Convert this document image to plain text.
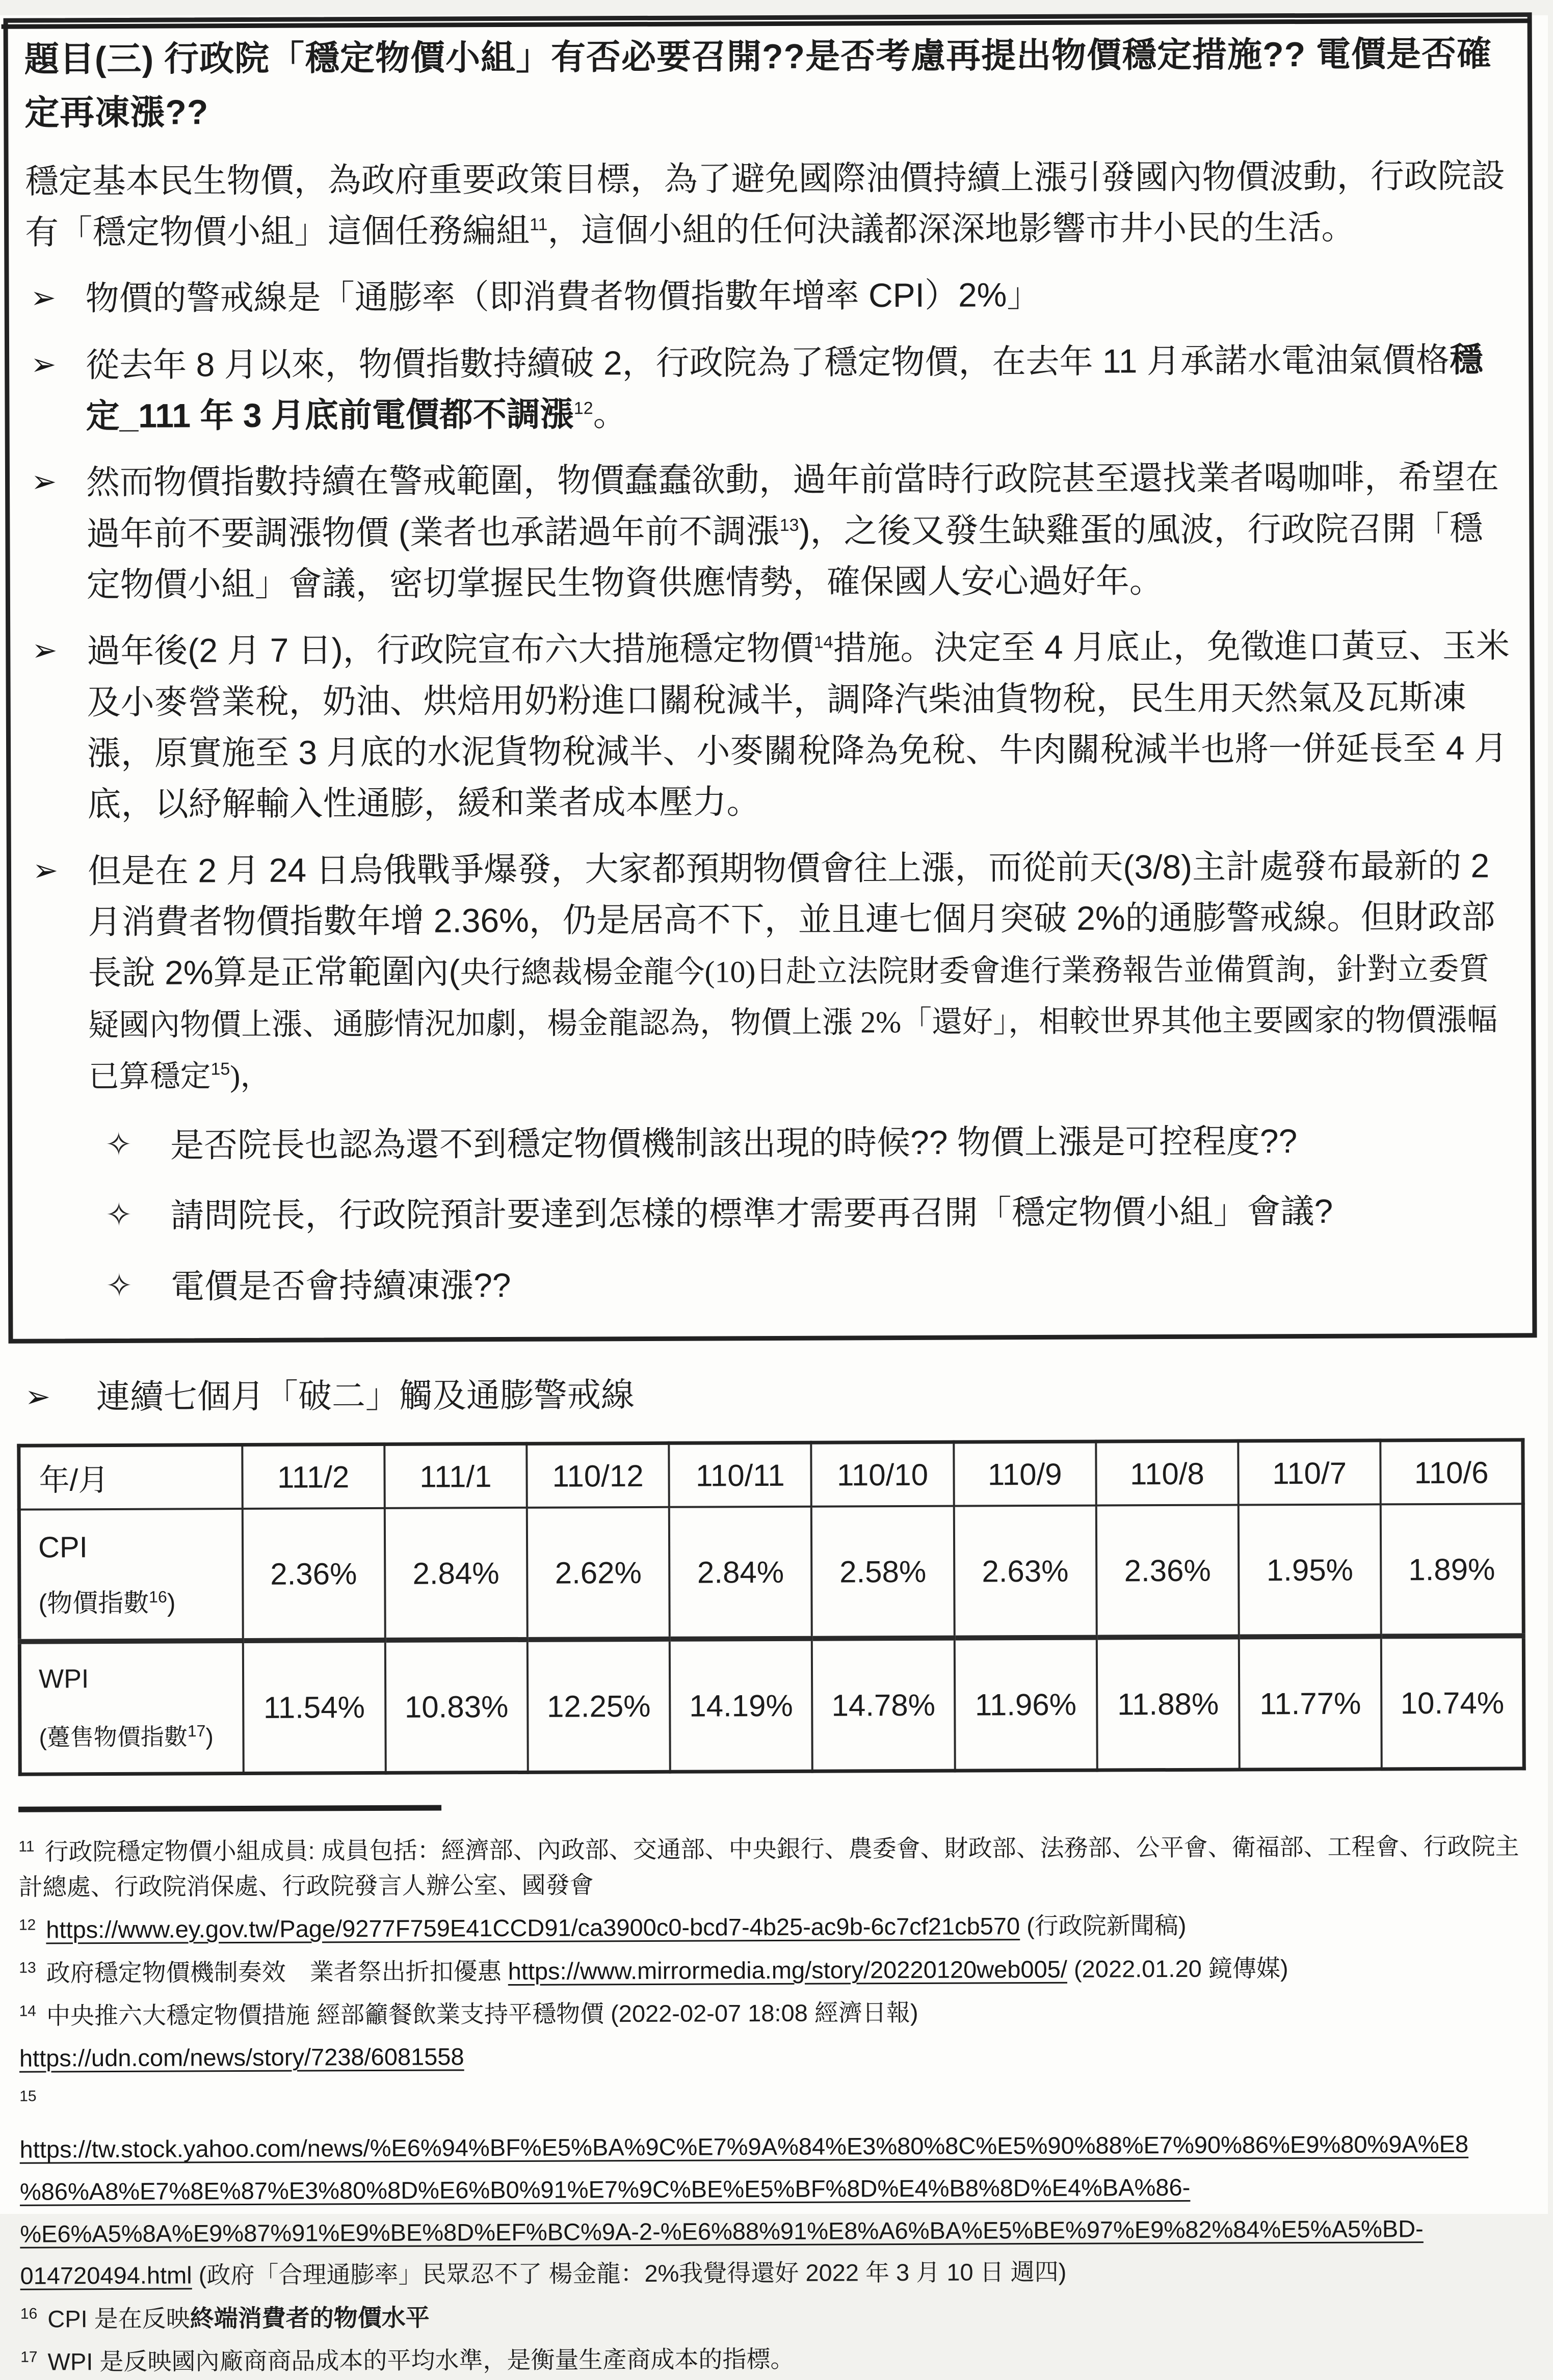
題目(三) 行政院「穩定物價小組」有否必要召開??是否考慮再提出物價穩定措施?? 電價是否確定再凍漲??

穩定基本民生物價，為政府重要政策目標，為了避免國際油價持續上漲引發國內物價波動，行政院設有「穩定物價小組」這個任務編組$^{11}$，這個小組的任何決議都深深地影響市井小民的生活。

➢ 物價的警戒線是「通膨率（即消費者物價指數年增率 CPI）2%」
➢ 從去年 8 月以來，物價指數持續破 2，行政院為了穩定物價，在去年 11 月承諾水電油氣價格穩定_111 年 3 月底前電價都不調漲$^{12}$。
➢ 然而物價指數持續在警戒範圍，物價蠢蠢欲動，過年前當時行政院甚至還找業者喝咖啡，希望在過年前不要調漲物價 (業者也承諾過年前不調漲$^{13}$)，之後又發生缺雞蛋的風波，行政院召開「穩定物價小組」會議，密切掌握民生物資供應情勢，確保國人安心過好年。
➢ 過年後(2 月 7 日)，行政院宣布六大措施穩定物價$^{14}$措施。決定至 4 月底止，免徵進口黃豆、玉米及小麥營業稅，奶油、烘焙用奶粉進口關稅減半，調降汽柴油貨物稅，民生用天然氣及瓦斯凍漲，原實施至 3 月底的水泥貨物稅減半、小麥關稅降為免稅、牛肉關稅減半也將一併延長至 4 月底，以紓解輸入性通膨，緩和業者成本壓力。
➢ 但是在 2 月 24 日烏俄戰爭爆發，大家都預期物價會往上漲，而從前天(3/8)主計處發布最新的 2 月消費者物價指數年增 2.36%，仍是居高不下，並且連七個月突破 2%的通膨警戒線。但財政部長說 2%算是正常範圍內(央行總裁楊金龍今(10)日赴立法院財委會進行業務報告並備質詢，針對立委質疑國內物價上漲、通膨情況加劇，楊金龍認為，物價上漲 2%「還好」，相較世界其他主要國家的物價漲幅已算穩定$^{15}$)，
✧	是否院長也認為還不到穩定物價機制該出現的時候?? 物價上漲是可控程度??
✧	請問院長，行政院預計要達到怎樣的標準才需要再召開「穩定物價小組」會議?
✧	電價是否會持續凍漲??
➢	連續七個月「破二」觸及通膨警戒線
年/月	111/2	111/1	110/12	110/11	110/10	110/9	110/8	110/7	110/6

CPI
(物價指數$^{16}$)	2.36%	2.84%	2.62%	2.84%	2.58%	2.63%	2.36%	1.95%	1.89%

WPI
(躉售物價指數$^{17}$)	11.54%	10.83%	12.25%	14.19%	14.78%	11.96%	11.88%	11.77%	10.74%
$^{11}$ 行政院穩定物價小組成員: 成員包括：經濟部、內政部、交通部、中央銀行、農委會、財政部、法務部、公平會、衛福部、工程會、行政院主計總處、行政院消保處、行政院發言人辦公室、國發會
$^{12}$ https://www.ey.gov.tw/Page/9277F759E41CCD91/ca3900c0-bcd7-4b25-ac9b-6c7cf21cb570 (行政院新聞稿)
$^{13}$ 政府穩定物價機制奏效　業者祭出折扣優惠 https://www.mirrormedia.mg/story/20220120web005/ (2022.01.20 鏡傳媒)
$^{14}$ 中央推六大穩定物價措施 經部籲餐飲業支持平穩物價 (2022-02-07 18:08 經濟日報)
https://udn.com/news/story/7238/6081558
$^{15}$
https://tw.stock.yahoo.com/news/%E6%94%BF%E5%BA%9C%E7%9A%84%E3%80%8C%E5%90%88%E7%90%86%E9%80%9A%E8
%86%A8%E7%8E%87%E3%80%8D%E6%B0%91%E7%9C%BE%E5%BF%8D%E4%B8%8D%E4%BA%86-
%E6%A5%8A%E9%87%91%E9%BE%8D%EF%BC%9A-2-%E6%88%91%E8%A6%BA%E5%BE%97%E9%82%84%E5%A5%BD-
014720494.html (政府「合理通膨率」民眾忍不了 楊金龍：2%我覺得還好 2022 年 3 月 10 日 週四)
$^{16}$ CPI 是在反映終端消費者的物價水平
$^{17}$ WPI 是反映國內廠商商品成本的平均水準，是衡量生產商成本的指標。
